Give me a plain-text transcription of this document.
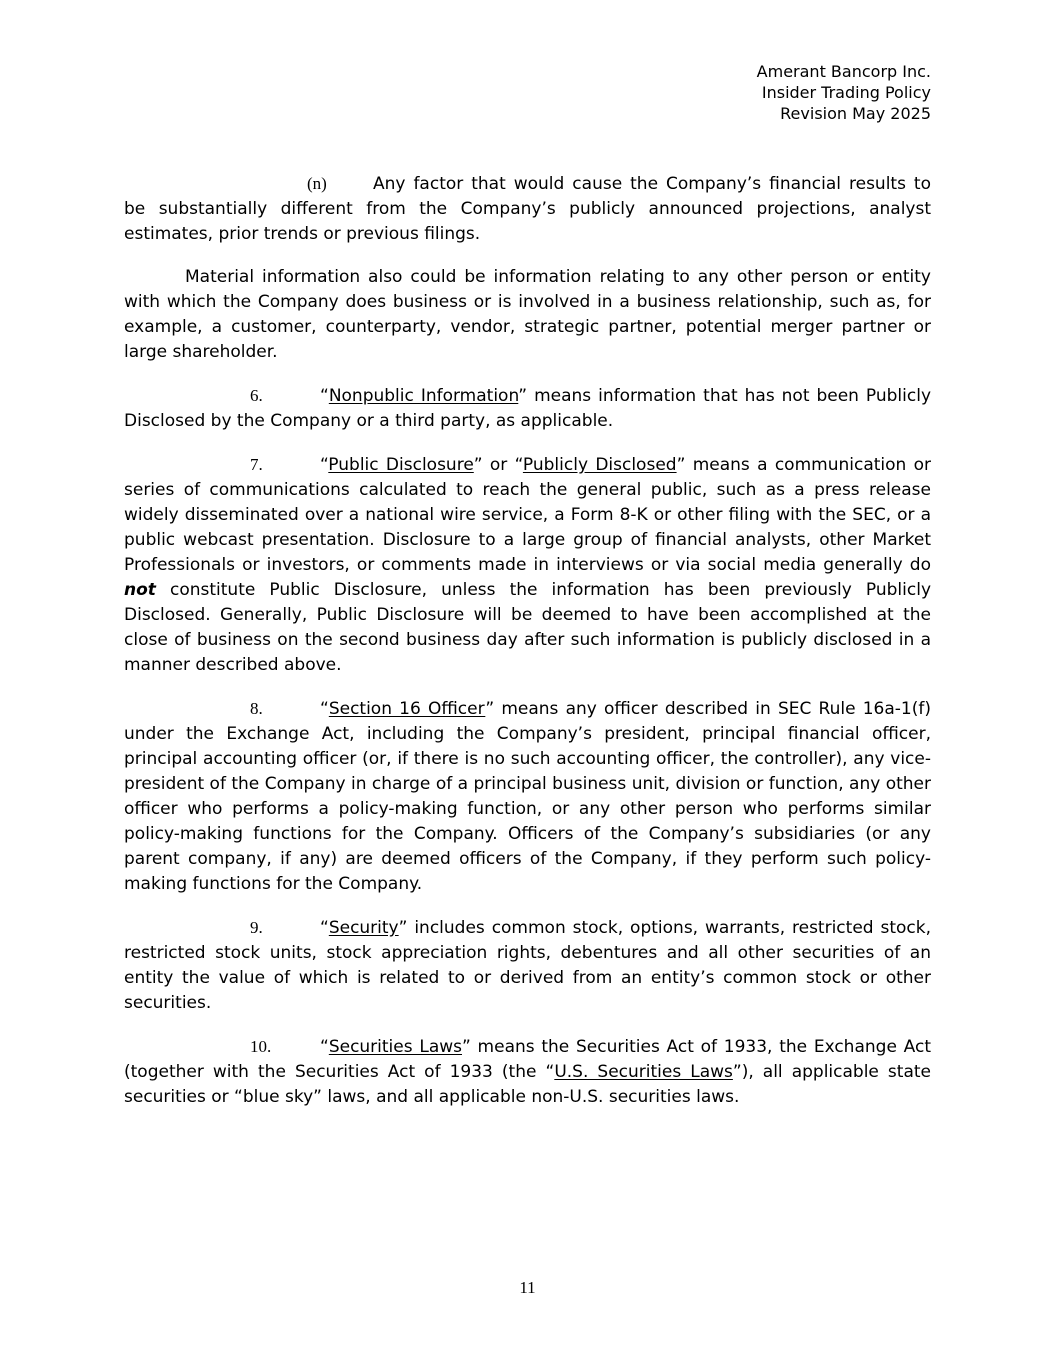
Amerant Bancorp Inc.
Insider Trading Policy
Revision May 2025

(n)	Any factor that would cause the Company’s financial results to be substantially different from the Company’s publicly announced projections, analyst estimates, prior trends or previous filings.

Material information also could be information relating to any other person or entity with which the Company does business or is involved in a business relationship, such as, for example, a customer, counterparty, vendor, strategic partner, potential merger partner or large shareholder.

6.	“Nonpublic Information” means information that has not been Publicly Disclosed by the Company or a third party, as applicable.

7.	“Public Disclosure” or “Publicly Disclosed” means a communication or series of communications calculated to reach the general public, such as a press release widely disseminated over a national wire service, a Form 8-K or other filing with the SEC, or a public webcast presentation. Disclosure to a large group of financial analysts, other Market Professionals or investors, or comments made in interviews or via social media generally do not constitute Public Disclosure, unless the information has been previously Publicly Disclosed. Generally, Public Disclosure will be deemed to have been accomplished at the close of business on the second business day after such information is publicly disclosed in a manner described above.

8.	“Section 16 Officer” means any officer described in SEC Rule 16a-1(f) under the Exchange Act, including the Company’s president, principal financial officer, principal accounting officer (or, if there is no such accounting officer, the controller), any vice-president of the Company in charge of a principal business unit, division or function, any other officer who performs a policy-making function, or any other person who performs similar policy-making functions for the Company. Officers of the Company’s subsidiaries (or any parent company, if any) are deemed officers of the Company, if they perform such policy-making functions for the Company.

9.	“Security” includes common stock, options, warrants, restricted stock, restricted stock units, stock appreciation rights, debentures and all other securities of an entity the value of which is related to or derived from an entity’s common stock or other securities.

10.	“Securities Laws” means the Securities Act of 1933, the Exchange Act (together with the Securities Act of 1933 (the “U.S. Securities Laws”), all applicable state securities or “blue sky” laws, and all applicable non-U.S. securities laws.

11
